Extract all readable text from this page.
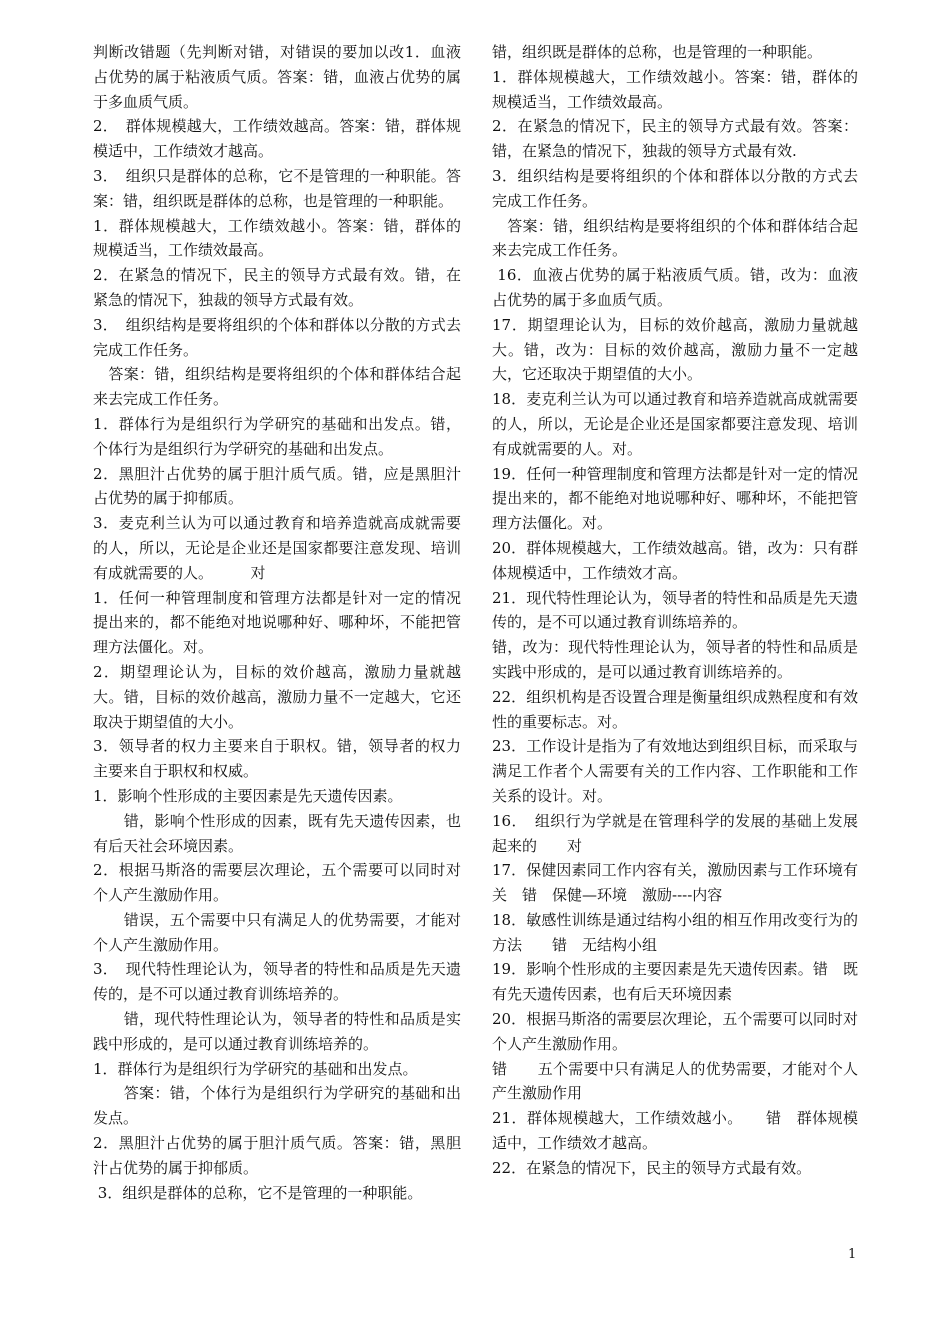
判断改错题（先判断对错，对错误的要加以改1．血液占优势的属于粘液质气质。答案：错，血液占优势的属于多血质气质。

2．　群体规模越大，工作绩效越高。答案：错，群体规模适中，工作绩效才越高。

3．　组织只是群体的总称，它不是管理的一种职能。答案：错，组织既是群体的总称，也是管理的一种职能。

1．群体规模越大，工作绩效越小。答案：错，群体的规模适当，工作绩效最高。

2．在紧急的情况下，民主的领导方式最有效。错，在紧急的情况下，独裁的领导方式最有效。

3．　组织结构是要将组织的个体和群体以分散的方式去完成工作任务。

　答案：错，组织结构是要将组织的个体和群体结合起来去完成工作任务。

1．群体行为是组织行为学研究的基础和出发点。错，个体行为是组织行为学研究的基础和出发点。

2．黑胆汁占优势的属于胆汁质气质。错，应是黑胆汁占优势的属于抑郁质。

3．麦克利兰认为可以通过教育和培养造就高成就需要的人，所以，无论是企业还是国家都要注意发现、培训有成就需要的人。　　　对

1．任何一种管理制度和管理方法都是针对一定的情况提出来的，都不能绝对地说哪种好、哪种坏，不能把管理方法僵化。对。

2．期望理论认为，目标的效价越高，激励力量就越大。错，目标的效价越高，激励力量不一定越大，它还取决于期望值的大小。

3．领导者的权力主要来自于职权。错，领导者的权力主要来自于职权和权威。

1．影响个性形成的主要因素是先天遗传因素。

　　错，影响个性形成的因素，既有先天遗传因素，也有后天社会环境因素。

2．根据马斯洛的需要层次理论，五个需要可以同时对个人产生激励作用。

　　错误，五个需要中只有满足人的优势需要，才能对个人产生激励作用。

3．　现代特性理论认为，领导者的特性和品质是先天遗传的，是不可以通过教育训练培养的。

　　错，现代特性理论认为，领导者的特性和品质是实践中形成的，是可以通过教育训练培养的。

1．群体行为是组织行为学研究的基础和出发点。

　　答案：错，个体行为是组织行为学研究的基础和出发点。

2．黑胆汁占优势的属于胆汁质气质。答案：错，黑胆汁占优势的属于抑郁质。

3．组织是群体的总称，它不是管理的一种职能。

错，组织既是群体的总称，也是管理的一种职能。

1．群体规模越大，工作绩效越小。答案：错，群体的规模适当，工作绩效最高。

2．在紧急的情况下，民主的领导方式最有效。答案：错，在紧急的情况下，独裁的领导方式最有效.

3．组织结构是要将组织的个体和群体以分散的方式去完成工作任务。

　答案：错，组织结构是要将组织的个体和群体结合起来去完成工作任务。

16．血液占优势的属于粘液质气质。错，改为：血液占优势的属于多血质气质。

17．期望理论认为，目标的效价越高，激励力量就越大。错，改为：目标的效价越高，激励力量不一定越大，它还取决于期望值的大小。

18．麦克利兰认为可以通过教育和培养造就高成就需要的人，所以，无论是企业还是国家都要注意发现、培训有成就需要的人。对。

19．任何一种管理制度和管理方法都是针对一定的情况提出来的，都不能绝对地说哪种好、哪种坏，不能把管理方法僵化。对。

20．群体规模越大，工作绩效越高。错，改为：只有群体规模适中，工作绩效才高。

21．现代特性理论认为，领导者的特性和品质是先天遗传的，是不可以通过教育训练培养的。

错，改为：现代特性理论认为，领导者的特性和品质是实践中形成的，是可以通过教育训练培养的。

22．组织机构是否设置合理是衡量组织成熟程度和有效性的重要标志。对。

23．工作设计是指为了有效地达到组织目标，而采取与满足工作者个人需要有关的工作内容、工作职能和工作关系的设计。对。

16．　组织行为学就是在管理科学的发展的基础上发展起来的　　对

17．保健因素同工作内容有关，激励因素与工作环境有关　错　保健—环境　激励----内容

18．敏感性训练是通过结构小组的相互作用改变行为的方法　　错　无结构小组

19．影响个性形成的主要因素是先天遗传因素。错　既有先天遗传因素，也有后天环境因素

20．根据马斯洛的需要层次理论，五个需要可以同时对个人产生激励作用。

错　　五个需要中只有满足人的优势需要，才能对个人产生激励作用

21．群体规模越大，工作绩效越小。　　错　群体规模适中，工作绩效才越高。

22．在紧急的情况下，民主的领导方式最有效。

1
